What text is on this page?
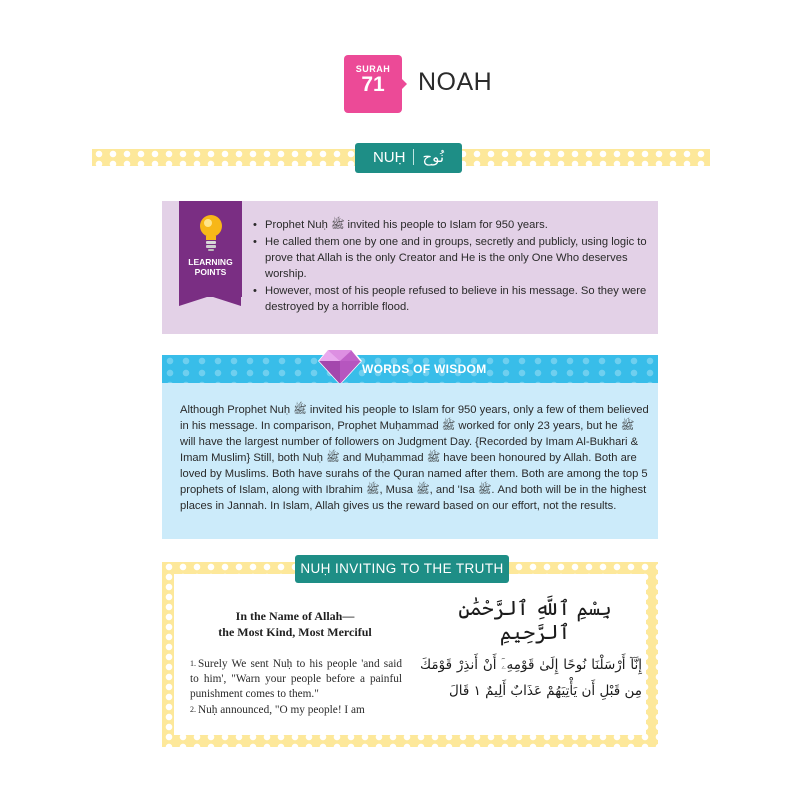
SURAH
71	NOAH
NUḤ نُوح
LEARNING
POINTS
• Prophet Nuḥ ﷺ invited his people to Islam for 950 years.
• He called them one by one and in groups, secretly and publicly, using logic to prove that Allah is the only Creator and He is the only One Who deserves worship.
• However, most of his people refused to believe in his message. So they were destroyed by a horrible flood.
WORDS OF WISDOM
Although Prophet Nuḥ ﷺ invited his people to Islam for 950 years, only a few of them believed in his message. In comparison, Prophet Muḥammad ﷺ worked for only 23 years, but he ﷺ will have the largest number of followers on Judgment Day. {Recorded by Imam Al-Bukhari & Imam Muslim} Still, both Nuḥ ﷺ and Muḥammad ﷺ have been honoured by Allah. Both are loved by Muslims. Both have surahs of the Quran named after them. Both are among the top 5 prophets of Islam, along with Ibrahim ﷺ, Musa ﷺ, and 'Isa ﷺ. And both will be in the highest places in Jannah. In Islam, Allah gives us the reward based on our effort, not the results.
NUḤ INVITING TO THE TRUTH
In the Name of Allah—
the Most Kind, Most Merciful
1. Surely We sent Nuḥ to his people 'and said to him', "Warn your people before a painful punishment comes to them."
2. Nuḥ announced, "O my people! I am
بِسْمِ ٱللَّهِ ٱلرَّحْمَٰنِ ٱلرَّحِيمِ
إِنَّآ أَرْسَلْنَا نُوحًا إِلَىٰ قَوْمِهِۦٓ أَنْ أَنذِرْ قَوْمَكَ مِن قَبْلِ أَن يَأْتِيَهُمْ عَذَابٌ أَلِيمٌ ١ قَالَ
